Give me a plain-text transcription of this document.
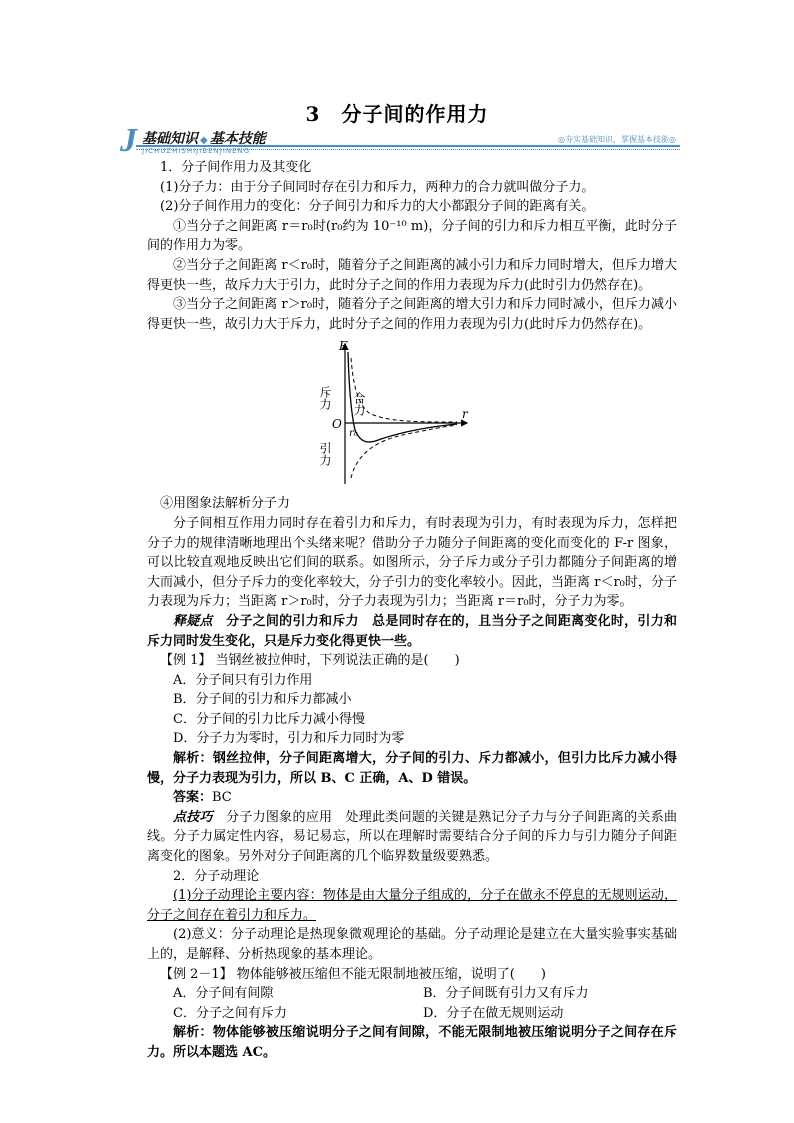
3　分子间的作用力
J 基础知识 ◆ 基本技能
JICHUZHISHIJIBENJINENG
◎夯实基础知识，掌握基本技能◎

1．分子间作用力及其变化

(1)分子力：由于分子间同时存在引力和斥力，两种力的合力就叫做分子力。

(2)分子间作用力的变化：分子间引力和斥力的大小都跟分子间的距离有关。

①当分子之间距离 r＝r₀时(r₀约为 10⁻¹⁰ m)，分子间的引力和斥力相互平衡，此时分子间的作用力为零。

②当分子之间距离 r＜r₀时，随着分子之间距离的减小引力和斥力同时增大，但斥力增大得更快一些，故斥力大于引力，此时分子之间的作用力表现为斥力(此时引力仍然存在)。

③当分子之间距离 r＞r₀时，随着分子之间距离的增大引力和斥力同时减小，但斥力减小得更快一些，故引力大于斥力，此时分子之间的作用力表现为引力(此时斥力仍然存在)。

F
r
O
r₀
斥力
引力
合力

④用图象法解析分子力

分子间相互作用力同时存在着引力和斥力，有时表现为引力，有时表现为斥力，怎样把分子力的规律清晰地理出个头绪来呢？借助分子力随分子间距离的变化而变化的 F-r 图象，可以比较直观地反映出它们间的联系。如图所示，分子斥力或分子引力都随分子间距离的增大而减小，但分子斥力的变化率较大，分子引力的变化率较小。因此，当距离 r＜r₀时，分子力表现为斥力；当距离 r＞r₀时，分子力表现为引力；当距离 r＝r₀时，分子力为零。

释疑点　 分子之间的引力和斥力　总是同时存在的，且当分子之间距离变化时，引力和斥力同时发生变化，只是斥力变化得更快一些。

【例 1】 当钢丝被拉伸时，下列说法正确的是(　　)

A．分子间只有引力作用

B．分子间的引力和斥力都减小

C．分子间的引力比斥力减小得慢

D．分子力为零时，引力和斥力同时为零

解析：钢丝拉伸，分子间距离增大，分子间的引力、斥力都减小，但引力比斥力减小得慢，分子力表现为引力，所以 B、C 正确，A、D 错误。

答案：BC

点技巧　 分子力图象的应用　处理此类问题的关键是熟记分子力与分子间距离的关系曲线。分子力属定性内容，易记易忘，所以在理解时需要结合分子间的斥力与引力随分子间距离变化的图象。另外对分子间距离的几个临界数量级要熟悉。

2．分子动理论

(1)分子动理论主要内容：物体是由大量分子组成的，分子在做永不停息的无规则运动，分子之间存在着引力和斥力。

(2)意义：分子动理论是热现象微观理论的基础。分子动理论是建立在大量实验事实基础上的，是解释、分析热现象的基本理论。

【例 2－1】 物体能够被压缩但不能无限制地被压缩，说明了(　　)

A．分子间有间隙	B．分子间既有引力又有斥力
C．分子之间有斥力	D．分子在做无规则运动

解析：物体能够被压缩说明分子之间有间隙，不能无限制地被压缩说明分子之间存在斥力。所以本题选 AC。
